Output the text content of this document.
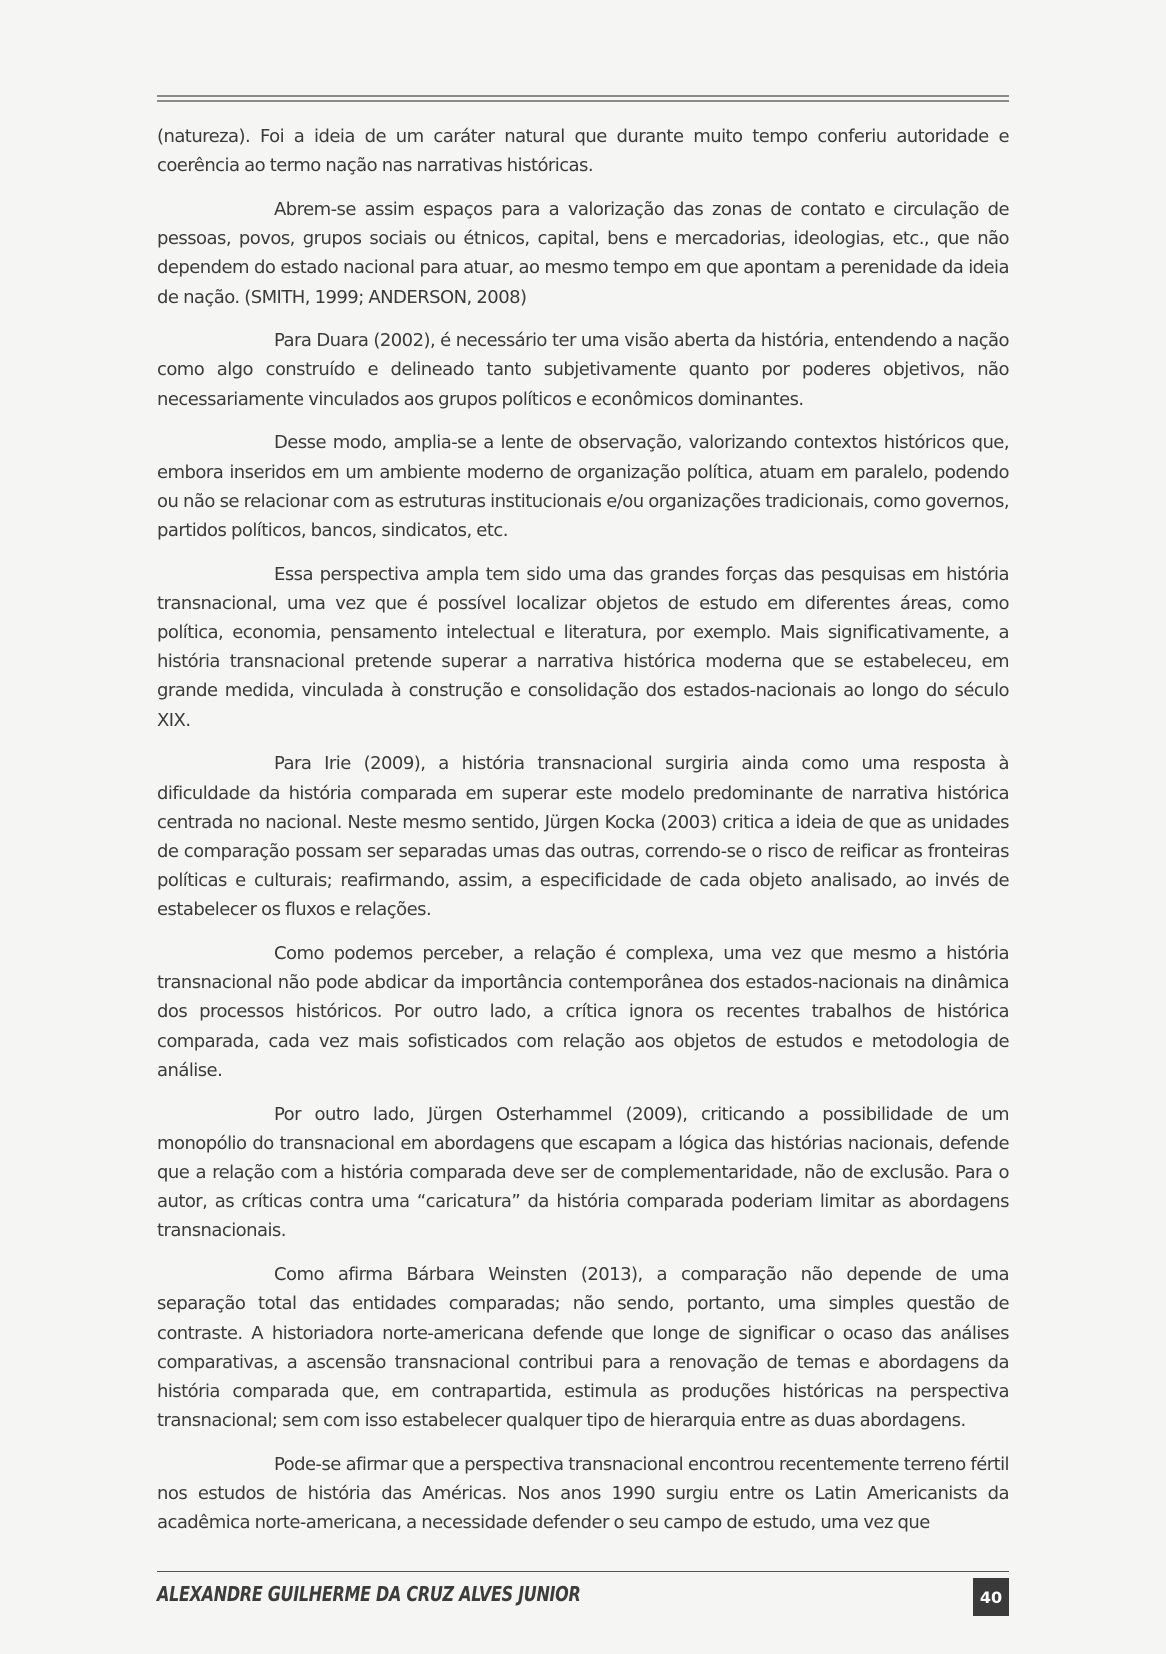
(natureza). Foi a ideia de um caráter natural que durante muito tempo conferiu autoridade e coerência ao termo nação nas narrativas históricas.

Abrem-se assim espaços para a valorização das zonas de contato e circulação de pessoas, povos, grupos sociais ou étnicos, capital, bens e mercadorias, ideologias, etc., que não dependem do estado nacional para atuar, ao mesmo tempo em que apontam a perenidade da ideia de nação. (SMITH, 1999; ANDERSON, 2008)

Para Duara (2002), é necessário ter uma visão aberta da história, entendendo a nação como algo construído e delineado tanto subjetivamente quanto por poderes objetivos, não necessariamente vinculados aos grupos políticos e econômicos dominantes.

Desse modo, amplia-se a lente de observação, valorizando contextos históricos que, embora inseridos em um ambiente moderno de organização política, atuam em paralelo, podendo ou não se relacionar com as estruturas institucionais e/ou organizações tradicionais, como governos, partidos políticos, bancos, sindicatos, etc.

Essa perspectiva ampla tem sido uma das grandes forças das pesquisas em história transnacional, uma vez que é possível localizar objetos de estudo em diferentes áreas, como política, economia, pensamento intelectual e literatura, por exemplo. Mais significativamente, a história transnacional pretende superar a narrativa histórica moderna que se estabeleceu, em grande medida, vinculada à construção e consolidação dos estados-nacionais ao longo do século XIX.

Para Irie (2009), a história transnacional surgiria ainda como uma resposta à dificuldade da história comparada em superar este modelo predominante de narrativa histórica centrada no nacional. Neste mesmo sentido, Jürgen Kocka (2003) critica a ideia de que as unidades de comparação possam ser separadas umas das outras, correndo-se o risco de reificar as fronteiras políticas e culturais; reafirmando, assim, a especificidade de cada objeto analisado, ao invés de estabelecer os fluxos e relações.

Como podemos perceber, a relação é complexa, uma vez que mesmo a história transnacional não pode abdicar da importância contemporânea dos estados-nacionais na dinâmica dos processos históricos. Por outro lado, a crítica ignora os recentes trabalhos de histórica comparada, cada vez mais sofisticados com relação aos objetos de estudos e metodologia de análise.

Por outro lado, Jürgen Osterhammel (2009), criticando a possibilidade de um monopólio do transnacional em abordagens que escapam a lógica das histórias nacionais, defende que a relação com a história comparada deve ser de complementaridade, não de exclusão. Para o autor, as críticas contra uma “caricatura” da história comparada poderiam limitar as abordagens transnacionais.

Como afirma Bárbara Weinsten (2013), a comparação não depende de uma separação total das entidades comparadas; não sendo, portanto, uma simples questão de contraste. A historiadora norte-americana defende que longe de significar o ocaso das análises comparativas, a ascensão transnacional contribui para a renovação de temas e abordagens da história comparada que, em contrapartida, estimula as produções históricas na perspectiva transnacional; sem com isso estabelecer qualquer tipo de hierarquia entre as duas abordagens.

Pode-se afirmar que a perspectiva transnacional encontrou recentemente terreno fértil nos estudos de história das Américas. Nos anos 1990 surgiu entre os Latin Americanists da acadêmica norte-americana, a necessidade defender o seu campo de estudo, uma vez que

ALEXANDRE GUILHERME DA CRUZ ALVES JUNIOR	40
